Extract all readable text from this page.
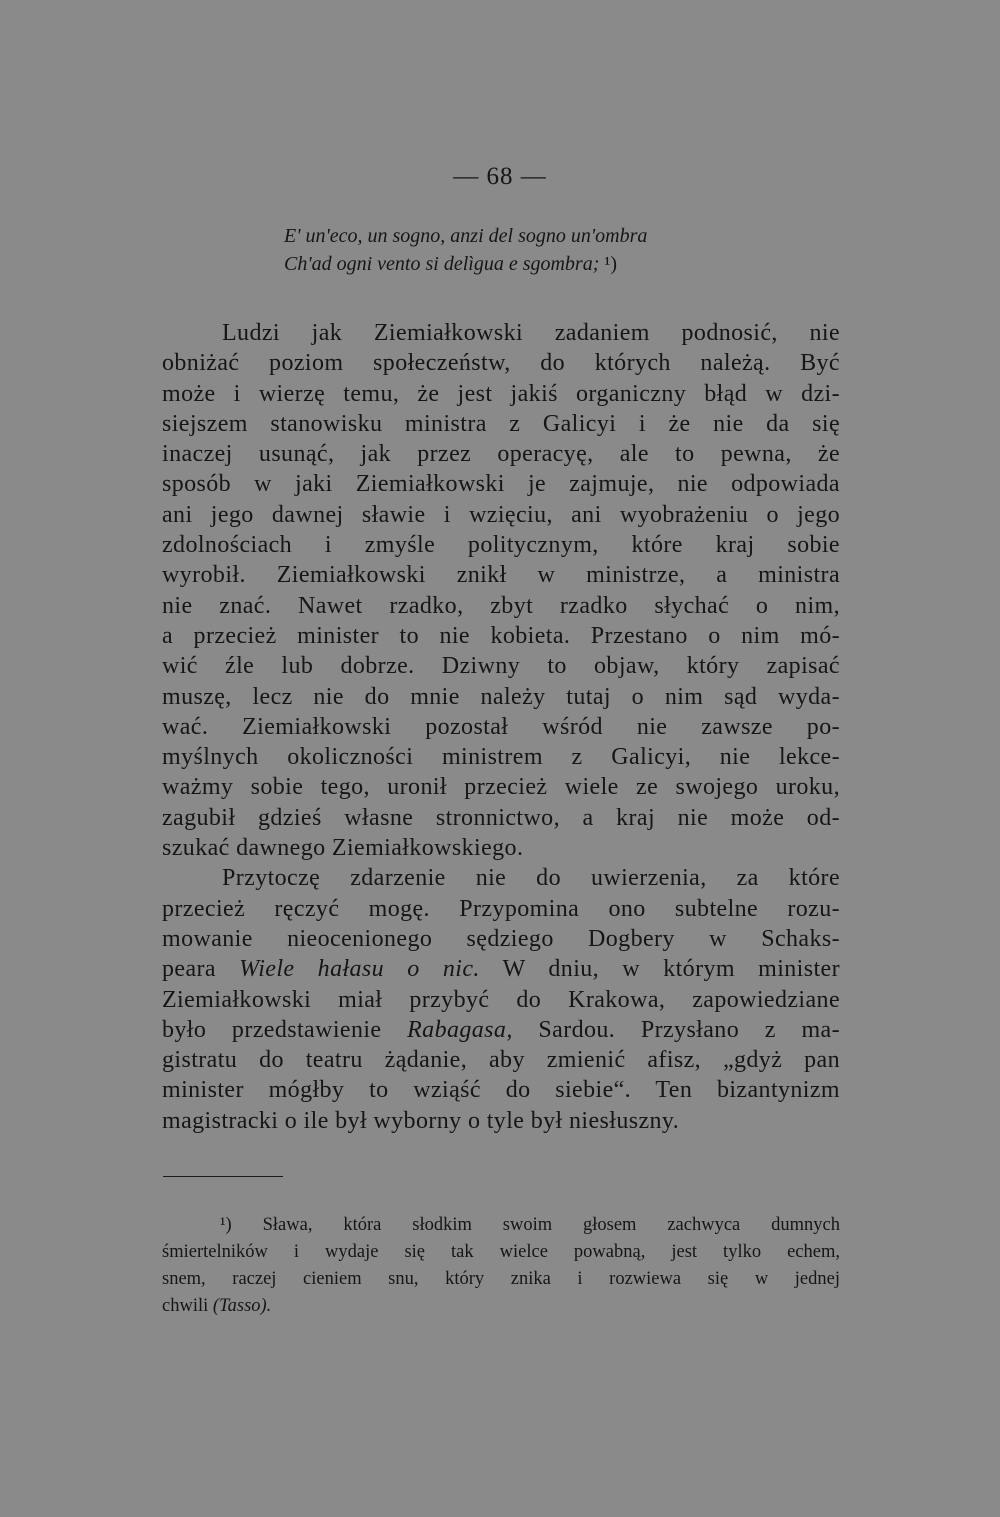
— 68 —
E' un'eco, un sogno, anzi del sogno un'ombra
Ch'ad ogni vento si delìgua e sgombra; ¹)
Ludzi jak Ziemiałkowski zadaniem podnosić, nie
obniżać poziom społeczeństw, do których należą. Być
może i wierzę temu, że jest jakiś organiczny błąd w dzi-
siejszem stanowisku ministra z Galicyi i że nie da się
inaczej usunąć, jak przez operacyę, ale to pewna, że
sposób w jaki Ziemiałkowski je zajmuje, nie odpowiada
ani jego dawnej sławie i wzięciu, ani wyobrażeniu o jego
zdolnościach i zmyśle politycznym, które kraj sobie
wyrobił. Ziemiałkowski znikł w ministrze, a ministra
nie znać. Nawet rzadko, zbyt rzadko słychać o nim,
a przecież minister to nie kobieta. Przestano o nim mó-
wić źle lub dobrze. Dziwny to objaw, który zapisać
muszę, lecz nie do mnie należy tutaj o nim sąd wyda-
wać. Ziemiałkowski pozostał wśród nie zawsze po-
myślnych okoliczności ministrem z Galicyi, nie lekce-
ważmy sobie tego, uronił przecież wiele ze swojego uroku,
zagubił gdzieś własne stronnictwo, a kraj nie może od-
szukać dawnego Ziemiałkowskiego.
Przytoczę zdarzenie nie do uwierzenia, za które
przecież ręczyć mogę. Przypomina ono subtelne rozu-
mowanie nieocenionego sędziego Dogbery w Schaks-
peara Wiele hałasu o nic. W dniu, w którym minister
Ziemiałkowski miał przybyć do Krakowa, zapowiedziane
było przedstawienie Rabagasa, Sardou. Przysłano z ma-
gistratu do teatru żądanie, aby zmienić afisz, „gdyż pan
minister mógłby to wziąść do siebie“. Ten bizantynizm
magistracki o ile był wyborny o tyle był niesłuszny.
¹) Sława, która słodkim swoim głosem zachwyca dumnych
śmiertelników i wydaje się tak wielce powabną, jest tylko echem,
snem, raczej cieniem snu, który znika i rozwiewa się w jednej
chwili (Tasso).
